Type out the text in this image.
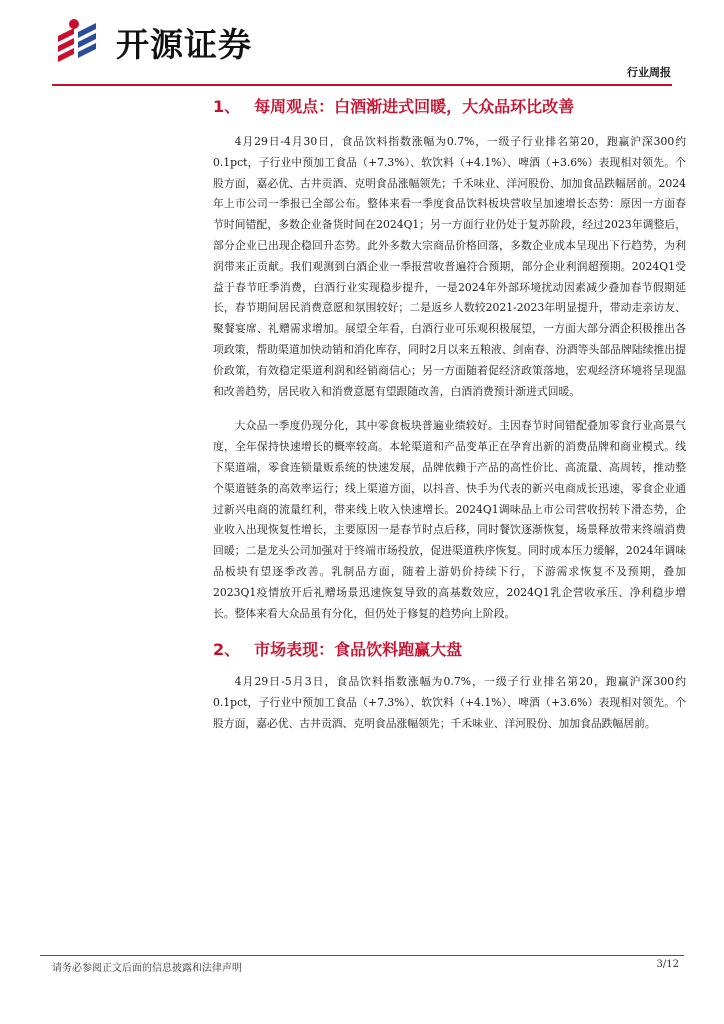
开源证券
行业周报
1、 每周观点：白酒渐进式回暖，大众品环比改善

4月29日-4月30日，食品饮料指数涨幅为0.7%，一级子行业排名第20，跑赢沪深300约0.1pct，子行业中预加工食品（+7.3%）、软饮料（+4.1%）、啤酒（+3.6%）表现相对领先。个股方面，嘉必优、古井贡酒、克明食品涨幅领先；千禾味业、洋河股份、加加食品跌幅居前。2024年上市公司一季报已全部公布。整体来看一季度食品饮料板块营收呈加速增长态势：原因一方面春节时间错配，多数企业备货时间在2024Q1；另一方面行业仍处于复苏阶段，经过2023年调整后，部分企业已出现企稳回升态势。此外多数大宗商品价格回落，多数企业成本呈现出下行趋势，为利润带来正贡献。我们观测到白酒企业一季报营收普遍符合预期，部分企业利润超预期。2024Q1受益于春节旺季消费，白酒行业实现稳步提升，一是2024年外部环境扰动因素减少叠加春节假期延长，春节期间居民消费意愿和氛围较好；二是返乡人数较2021-2023年明显提升，带动走亲访友、聚餐宴席、礼赠需求增加。展望全年看，白酒行业可乐观积极展望，一方面大部分酒企积极推出各项政策，帮助渠道加快动销和消化库存，同时2月以来五粮液、剑南春、汾酒等头部品牌陆续推出提价政策，有效稳定渠道利润和经销商信心；另一方面随着促经济政策落地，宏观经济环境将呈现温和改善趋势，居民收入和消费意愿有望跟随改善，白酒消费预计渐进式回暖。

大众品一季度仍现分化，其中零食板块普遍业绩较好。主因春节时间错配叠加零食行业高景气度，全年保持快速增长的概率较高。本轮渠道和产品变革正在孕育出新的消费品牌和商业模式。线下渠道端，零食连锁量贩系统的快速发展，品牌依赖于产品的高性价比、高流量、高周转，推动整个渠道链条的高效率运行；线上渠道方面，以抖音、快手为代表的新兴电商成长迅速，零食企业通过新兴电商的流量红利，带来线上收入快速增长。2024Q1调味品上市公司营收拐转下滑态势，企业收入出现恢复性增长，主要原因一是春节时点后移，同时餐饮逐渐恢复，场景释放带来终端消费回暖；二是龙头公司加强对于终端市场投放，促进渠道秩序恢复。同时成本压力缓解，2024年调味品板块有望逐季改善。乳制品方面，随着上游奶价持续下行，下游需求恢复不及预期，叠加2023Q1疫情放开后礼赠场景迅速恢复导致的高基数效应，2024Q1乳企营收承压、净利稳步增长。整体来看大众品虽有分化，但仍处于修复的趋势向上阶段。

2、 市场表现：食品饮料跑赢大盘

4月29日-5月3日，食品饮料指数涨幅为0.7%，一级子行业排名第20，跑赢沪深300约0.1pct，子行业中预加工食品（+7.3%）、软饮料（+4.1%）、啤酒（+3.6%）表现相对领先。个股方面，嘉必优、古井贡酒、克明食品涨幅领先；千禾味业、洋河股份、加加食品跌幅居前。

请务必参阅正文后面的信息披露和法律声明	3/12
